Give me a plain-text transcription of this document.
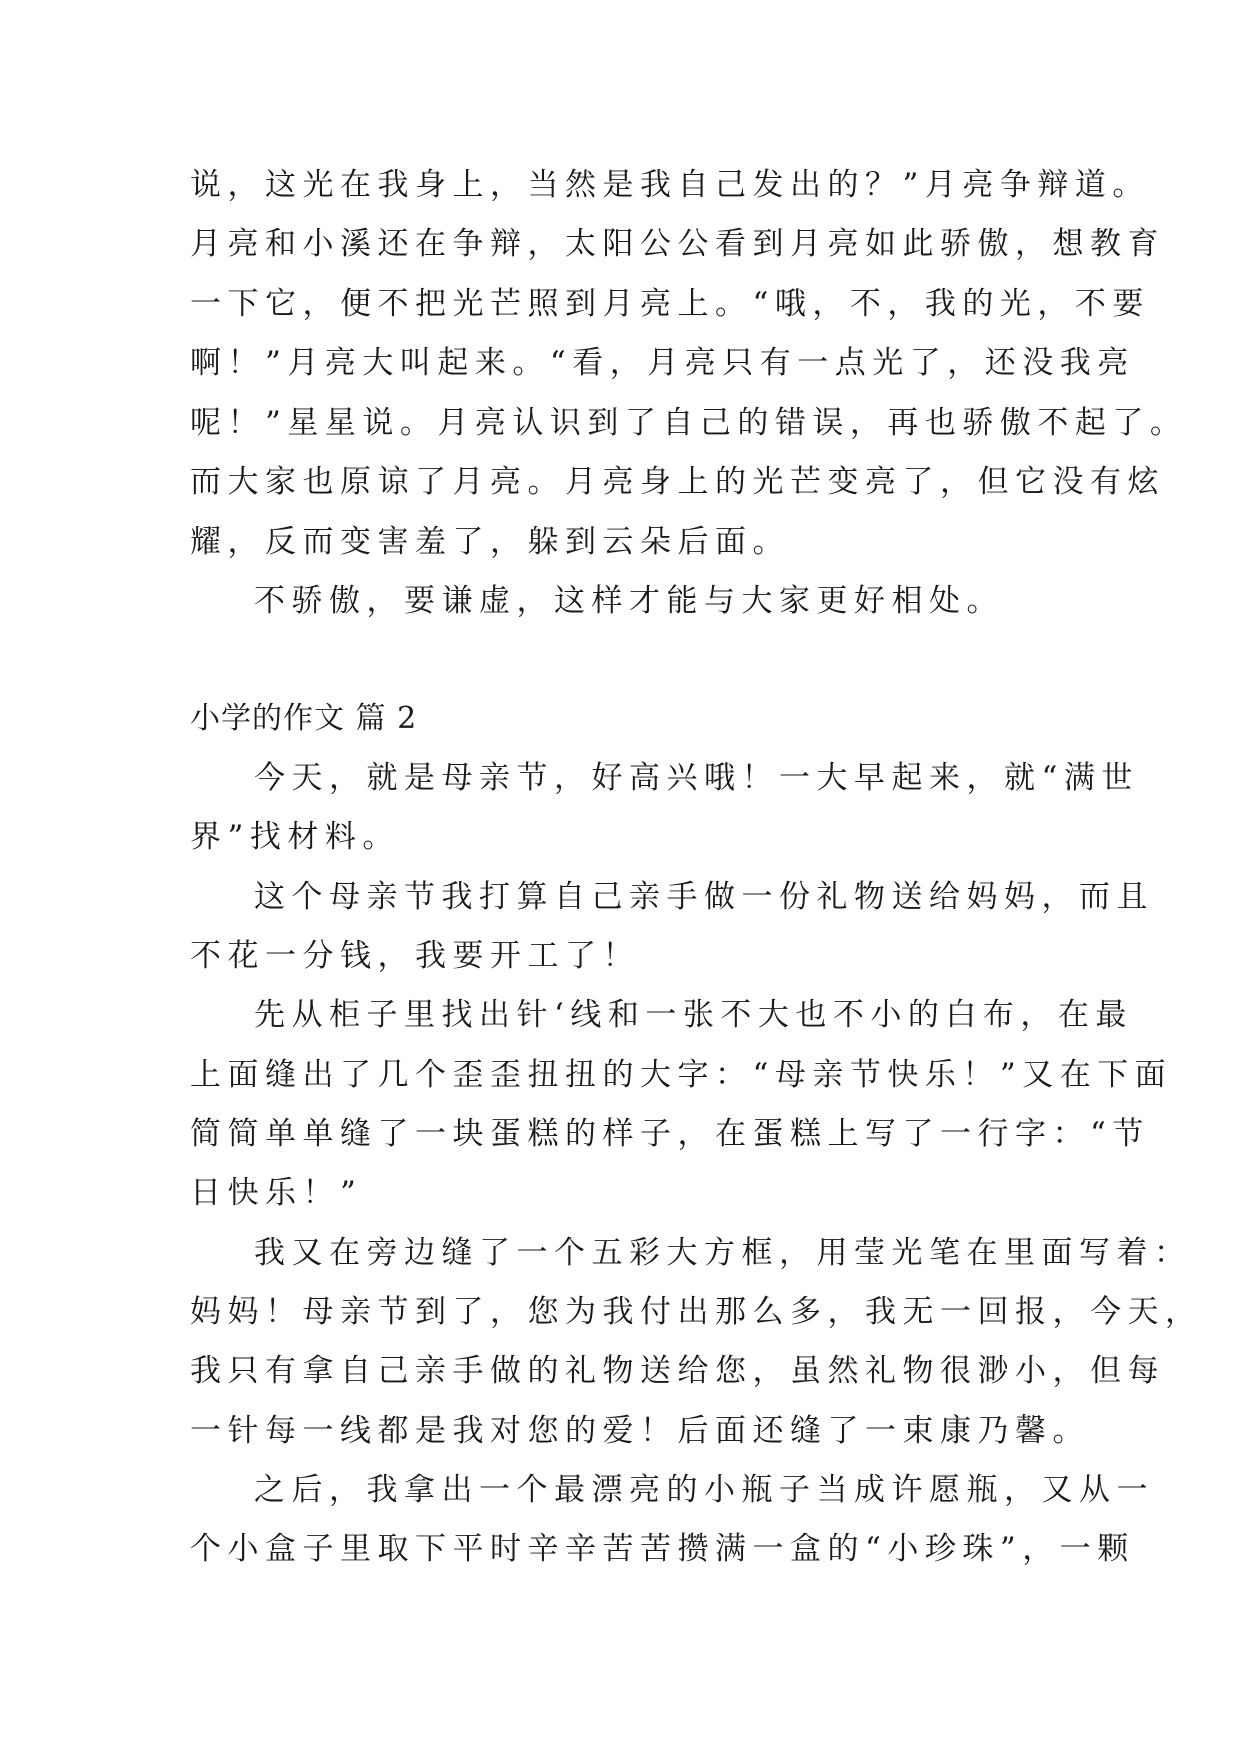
说，这光在我身上，当然是我自己发出的？”月亮争辩道。
月亮和小溪还在争辩，太阳公公看到月亮如此骄傲，想教育
一下它，便不把光芒照到月亮上。“哦，不，我的光，不要
啊！”月亮大叫起来。“看，月亮只有一点光了，还没我亮
呢！”星星说。月亮认识到了自己的错误，再也骄傲不起了。
而大家也原谅了月亮。月亮身上的光芒变亮了，但它没有炫
耀，反而变害羞了，躲到云朵后面。
不骄傲，要谦虚，这样才能与大家更好相处。
小学的作文 篇 2
今天，就是母亲节，好高兴哦！一大早起来，就“满世
界”找材料。
这个母亲节我打算自己亲手做一份礼物送给妈妈，而且
不花一分钱，我要开工了！
先从柜子里找出针‘线和一张不大也不小的白布，在最
上面缝出了几个歪歪扭扭的大字：“母亲节快乐！”又在下面
简简单单缝了一块蛋糕的样子，在蛋糕上写了一行字：“节
日快乐！”
我又在旁边缝了一个五彩大方框，用莹光笔在里面写着：
妈妈！母亲节到了，您为我付出那么多，我无一回报，今天，
我只有拿自己亲手做的礼物送给您，虽然礼物很渺小，但每
一针每一线都是我对您的爱！后面还缝了一束康乃馨。
之后，我拿出一个最漂亮的小瓶子当成许愿瓶，又从一
个小盒子里取下平时辛辛苦苦攒满一盒的“小珍珠”，一颗
